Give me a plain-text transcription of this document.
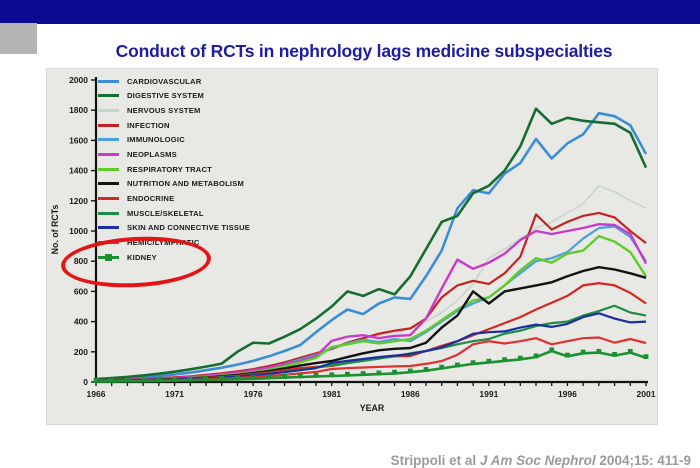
Conduct of RCTs in nephrology lags medicine subspecialties
0
200
400
600
800
1000
1200
1400
1600
1800
2000
1966	1971	1976	1981	1986	1991	1996	2001
YEAR
No. of RCTs
CARDIOVASCULAR
DIGESTIVE SYSTEM
NERVOUS SYSTEM
INFECTION
IMMUNOLOGIC
NEOPLASMS
RESPIRATORY TRACT
NUTRITION AND METABOLISM
ENDOCRINE
MUSCLE/SKELETAL
SKIN AND CONNECTIVE TISSUE
HEMIC/LYMPHATIC
KIDNEY

Strippoli et al J Am Soc Nephrol 2004;15: 411-9
